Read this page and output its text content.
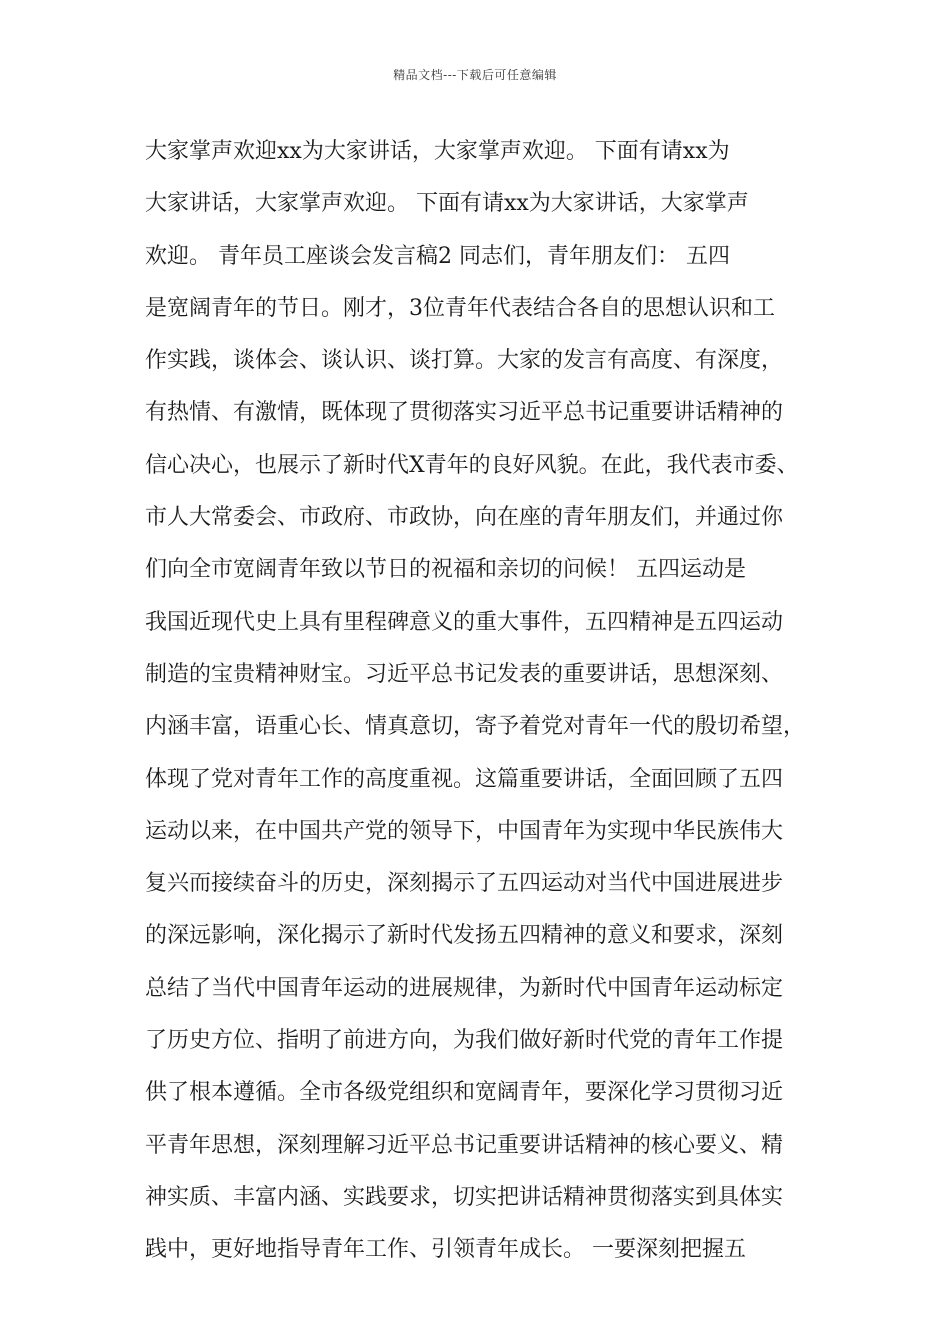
精品文档---下载后可任意编辑
大家掌声欢迎xx为大家讲话，大家掌声欢迎。 下面有请xx为
大家讲话，大家掌声欢迎。 下面有请xx为大家讲话，大家掌声
欢迎。 青年员工座谈会发言稿2 同志们，青年朋友们： 五四
是宽阔青年的节日。刚才，3位青年代表结合各自的思想认识和工
作实践，谈体会、谈认识、谈打算。大家的发言有高度、有深度，
有热情、有激情，既体现了贯彻落实习近平总书记重要讲话精神的
信心决心，也展示了新时代X青年的良好风貌。在此，我代表市委、
市人大常委会、市政府、市政协，向在座的青年朋友们，并通过你
们向全市宽阔青年致以节日的祝福和亲切的问候！ 五四运动是
我国近现代史上具有里程碑意义的重大事件，五四精神是五四运动
制造的宝贵精神财宝。习近平总书记发表的重要讲话，思想深刻、
内涵丰富，语重心长、情真意切，寄予着党对青年一代的殷切希望，
体现了党对青年工作的高度重视。这篇重要讲话，全面回顾了五四
运动以来，在中国共产党的领导下，中国青年为实现中华民族伟大
复兴而接续奋斗的历史，深刻揭示了五四运动对当代中国进展进步
的深远影响，深化揭示了新时代发扬五四精神的意义和要求，深刻
总结了当代中国青年运动的进展规律，为新时代中国青年运动标定
了历史方位、指明了前进方向，为我们做好新时代党的青年工作提
供了根本遵循。全市各级党组织和宽阔青年，要深化学习贯彻习近
平青年思想，深刻理解习近平总书记重要讲话精神的核心要义、精
神实质、丰富内涵、实践要求，切实把讲话精神贯彻落实到具体实
践中，更好地指导青年工作、引领青年成长。 一要深刻把握五
